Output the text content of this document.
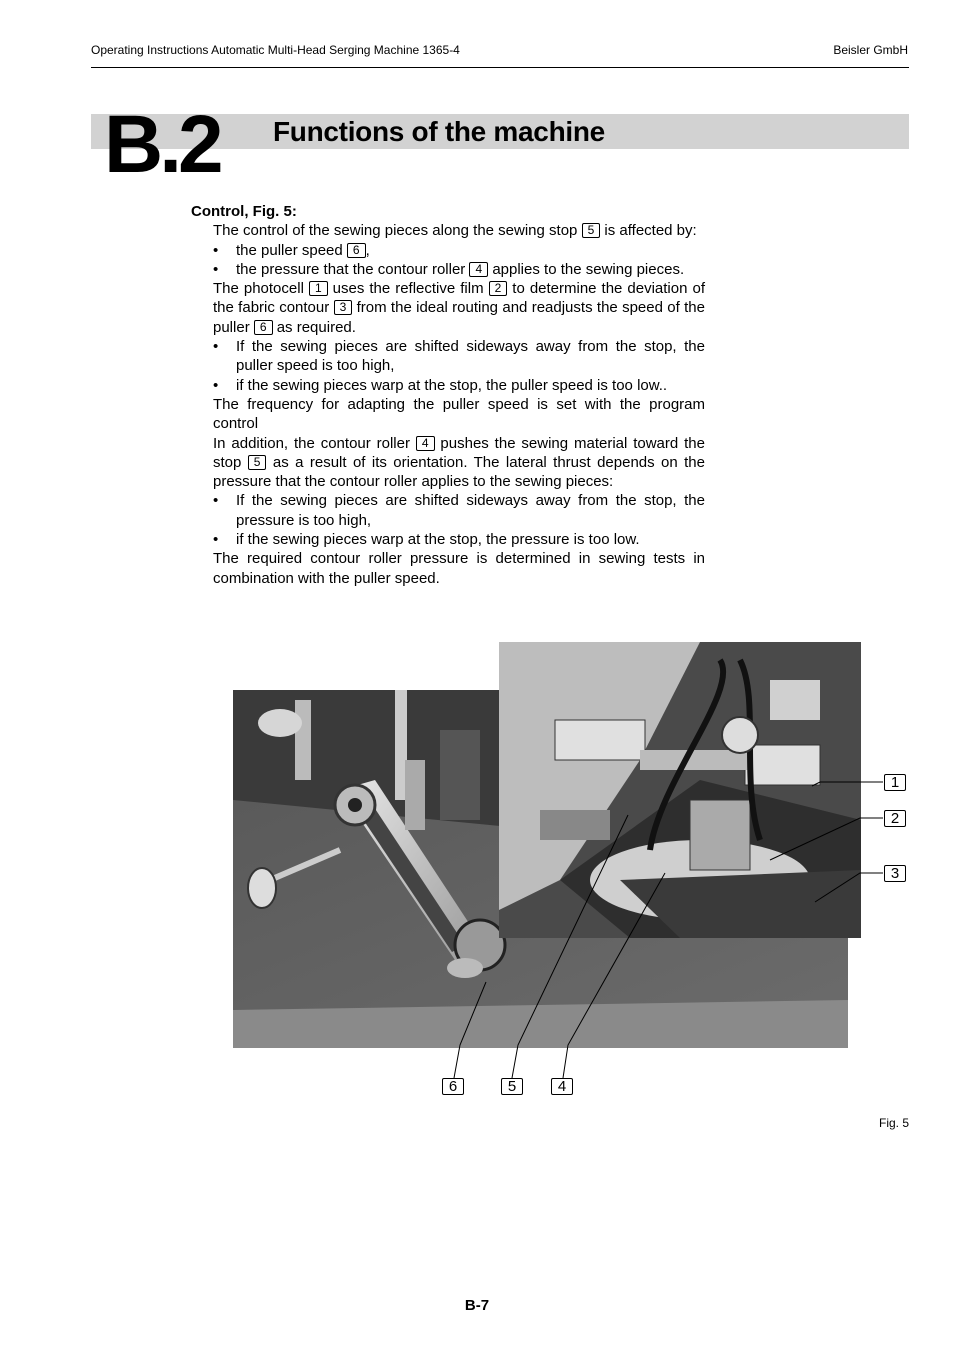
Operating Instructions Automatic Multi-Head Serging Machine 1365-4	Beisler GmbH
B.2 Functions of the machine
Control, Fig. 5:
The control of the sewing pieces along the sewing stop 5 is affected by:
• the puller speed 6 ,
• the pressure that the contour roller 4 applies to the sewing pieces.
The photocell 1 uses the reflective film 2 to determine the deviation of the fabric contour 3 from the ideal routing and readjusts the speed of the puller 6 as required.
• If the sewing pieces are shifted sideways away from the stop, the puller speed is too high,
• if the sewing pieces warp at the stop, the puller speed is too low..
The frequency for adapting the puller speed is set with the program control
In addition, the contour roller 4 pushes the sewing material toward the stop 5 as a result of its orientation. The lateral thrust depends on the pressure that the contour roller applies to the sewing pieces:
• If the sewing pieces are shifted sideways away from the stop, the pressure is too high,
• if the sewing pieces warp at the stop, the pressure is too low.
The required contour roller pressure is determined in sewing tests in combination with the puller speed.
1
2
3
6	5	4
Fig. 5
B-7
